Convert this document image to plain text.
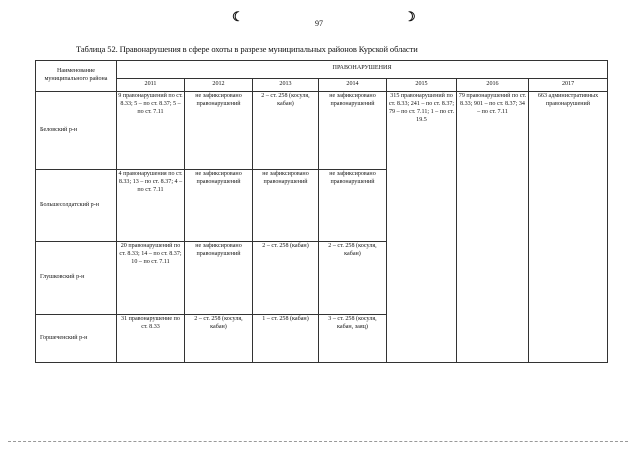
☾	97	☽
Таблица 52. Правонарушения в сфере охоты в разрезе муниципальных районов Курской области
Наименование муниципального района	ПРАВОНАРУШЕНИЯ						
	2011	2012	2013	2014	2015	2016	2017
Беловский р-н	9 правонарушений по ст. 8.33; 5 – по ст. 8.37; 5 – по ст. 7.11	не зафиксировано правонарушений	2 – ст. 258 (косуля, кабан)	не зафиксировано правонарушений	315 правонарушений по ст. 8.33; 241 – по ст. 8.37; 79 – по ст. 7.11; 1 – по ст. 19.5	79 правонарушений по ст. 8.33; 901 – по ст. 8.37; 34 – по ст. 7.11	663 административных правонарушений
Большесолдатский р-н	4 правонарушения по ст. 8.33; 13 – по ст. 8.37; 4 – по ст. 7.11	не зафиксировано правонарушений	не зафиксировано правонарушений	не зафиксировано правонарушений			
Глушковский р-н	20 правонарушений по ст. 8.33; 14 – по ст. 8.37; 10 – по ст. 7.11	не зафиксировано правонарушений	2 – ст. 258 (кабан)	2 – ст. 258 (косуля, кабан)			
Горшеченский р-н	31 правонарушение по ст. 8.33	2 – ст. 258 (косуля, кабан)	1 – ст. 258 (кабан)	3 – ст. 258 (косуля, кабан, заяц)			
